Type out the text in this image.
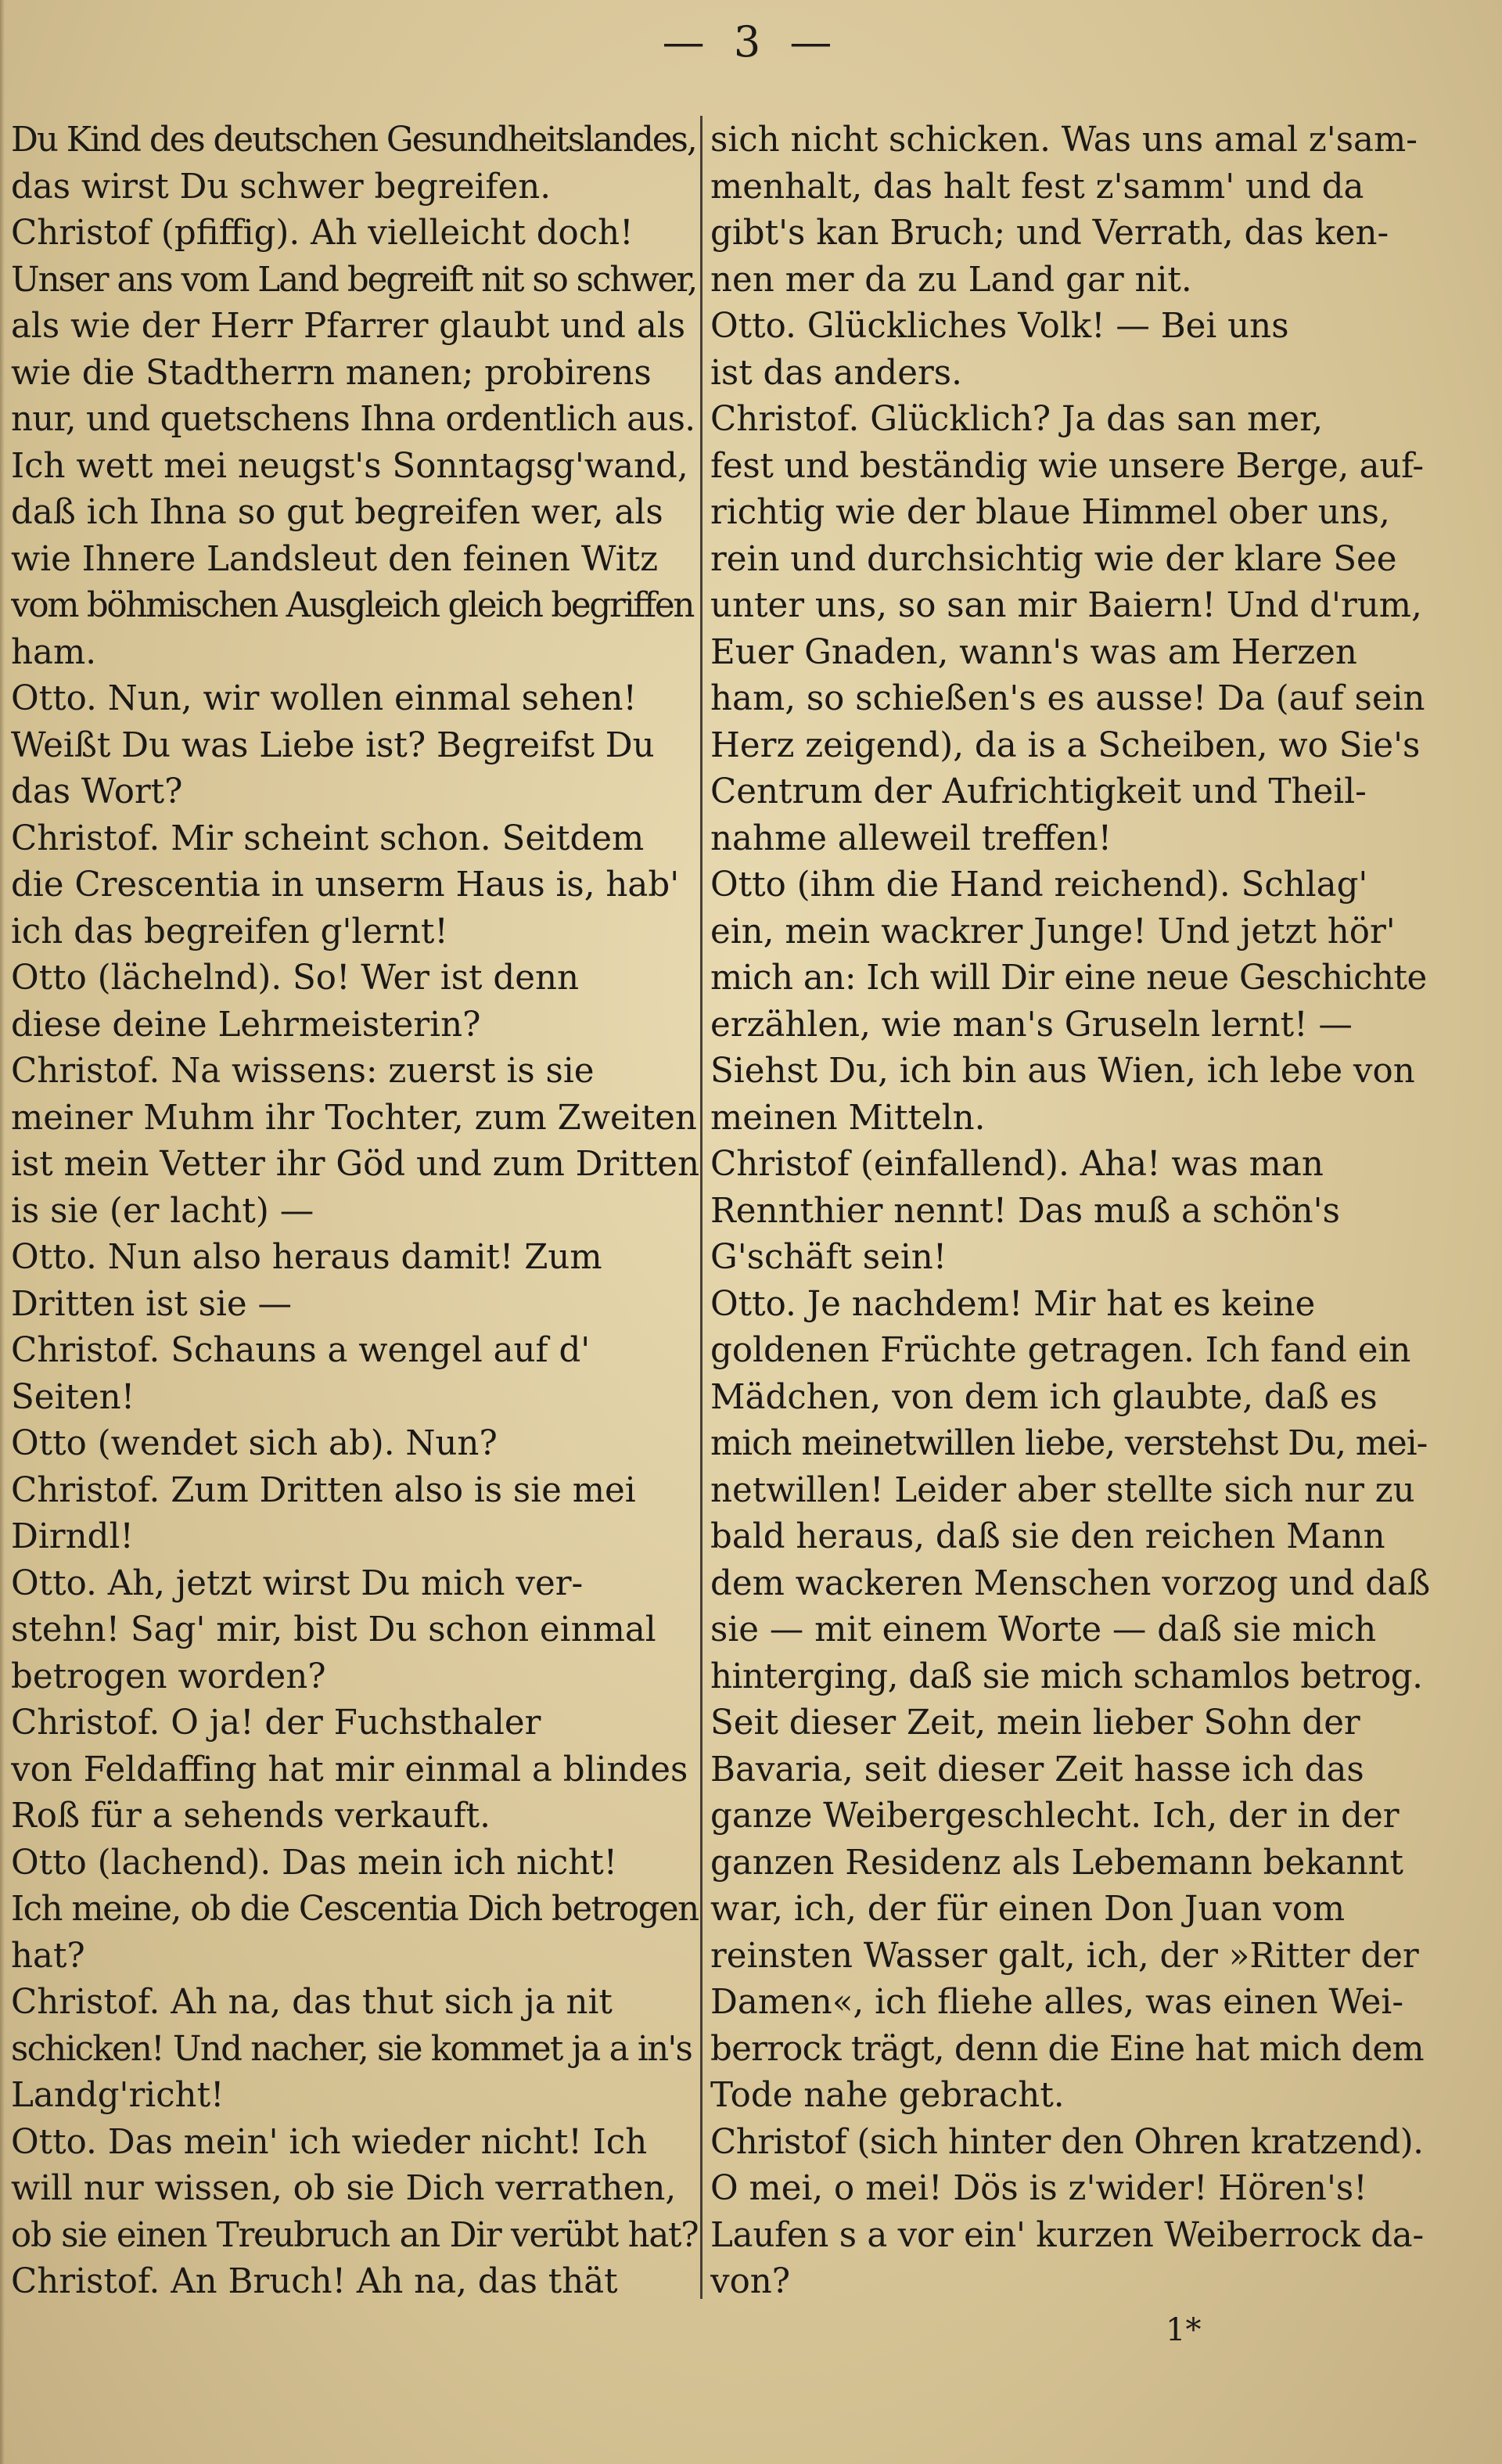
— 3 —
Du Kind des deutschen Gesundheitslandes,
das wirst Du schwer begreifen.
Christof (pfiffig). Ah vielleicht doch!
Unser ans vom Land begreift nit so schwer,
als wie der Herr Pfarrer glaubt und als
wie die Stadtherrn manen; probirens
nur, und quetschens Ihna ordentlich aus.
Ich wett mei neugst's Sonntagsg'wand,
daß ich Ihna so gut begreifen wer, als
wie Ihnere Landsleut den feinen Witz
vom böhmischen Ausgleich gleich begriffen
ham.
Otto. Nun, wir wollen einmal sehen!
Weißt Du was Liebe ist? Begreifst Du
das Wort?
Christof. Mir scheint schon. Seitdem
die Crescentia in unserm Haus is, hab'
ich das begreifen g'lernt!
Otto (lächelnd). So! Wer ist denn
diese deine Lehrmeisterin?
Christof. Na wissens: zuerst is sie
meiner Muhm ihr Tochter, zum Zweiten
ist mein Vetter ihr Göd und zum Dritten
is sie (er lacht) —
Otto. Nun also heraus damit! Zum
Dritten ist sie —
Christof. Schauns a wengel auf d'
Seiten!
Otto (wendet sich ab). Nun?
Christof. Zum Dritten also is sie mei
Dirndl!
Otto. Ah, jetzt wirst Du mich ver-
stehn! Sag' mir, bist Du schon einmal
betrogen worden?
Christof. O ja! der Fuchsthaler
von Feldaffing hat mir einmal a blindes
Roß für a sehends verkauft.
Otto (lachend). Das mein ich nicht!
Ich meine, ob die Cescentia Dich betrogen
hat?
Christof. Ah na, das thut sich ja nit
schicken! Und nacher, sie kommet ja a in's
Landg'richt!
Otto. Das mein' ich wieder nicht! Ich
will nur wissen, ob sie Dich verrathen,
ob sie einen Treubruch an Dir verübt hat?
Christof. An Bruch! Ah na, das thät
sich nicht schicken. Was uns amal z'sam-
menhalt, das halt fest z'samm' und da
gibt's kan Bruch; und Verrath, das ken-
nen mer da zu Land gar nit.
Otto. Glückliches Volk! — Bei uns
ist das anders.
Christof. Glücklich? Ja das san mer,
fest und beständig wie unsere Berge, auf-
richtig wie der blaue Himmel ober uns,
rein und durchsichtig wie der klare See
unter uns, so san mir Baiern! Und d'rum,
Euer Gnaden, wann's was am Herzen
ham, so schießen's es ausse! Da (auf sein
Herz zeigend), da is a Scheiben, wo Sie's
Centrum der Aufrichtigkeit und Theil-
nahme alleweil treffen!
Otto (ihm die Hand reichend). Schlag'
ein, mein wackrer Junge! Und jetzt hör'
mich an: Ich will Dir eine neue Geschichte
erzählen, wie man's Gruseln lernt! —
Siehst Du, ich bin aus Wien, ich lebe von
meinen Mitteln.
Christof (einfallend). Aha! was man
Rennthier nennt! Das muß a schön's
G'schäft sein!
Otto. Je nachdem! Mir hat es keine
goldenen Früchte getragen. Ich fand ein
Mädchen, von dem ich glaubte, daß es
mich meinetwillen liebe, verstehst Du, mei-
netwillen! Leider aber stellte sich nur zu
bald heraus, daß sie den reichen Mann
dem wackeren Menschen vorzog und daß
sie — mit einem Worte — daß sie mich
hinterging, daß sie mich schamlos betrog.
Seit dieser Zeit, mein lieber Sohn der
Bavaria, seit dieser Zeit hasse ich das
ganze Weibergeschlecht. Ich, der in der
ganzen Residenz als Lebemann bekannt
war, ich, der für einen Don Juan vom
reinsten Wasser galt, ich, der »Ritter der
Damen«, ich fliehe alles, was einen Wei-
berrock trägt, denn die Eine hat mich dem
Tode nahe gebracht.
Christof (sich hinter den Ohren kratzend).
O mei, o mei! Dös is z'wider! Hören's!
Laufen s a vor ein' kurzen Weiberrock da-
von?
1*
